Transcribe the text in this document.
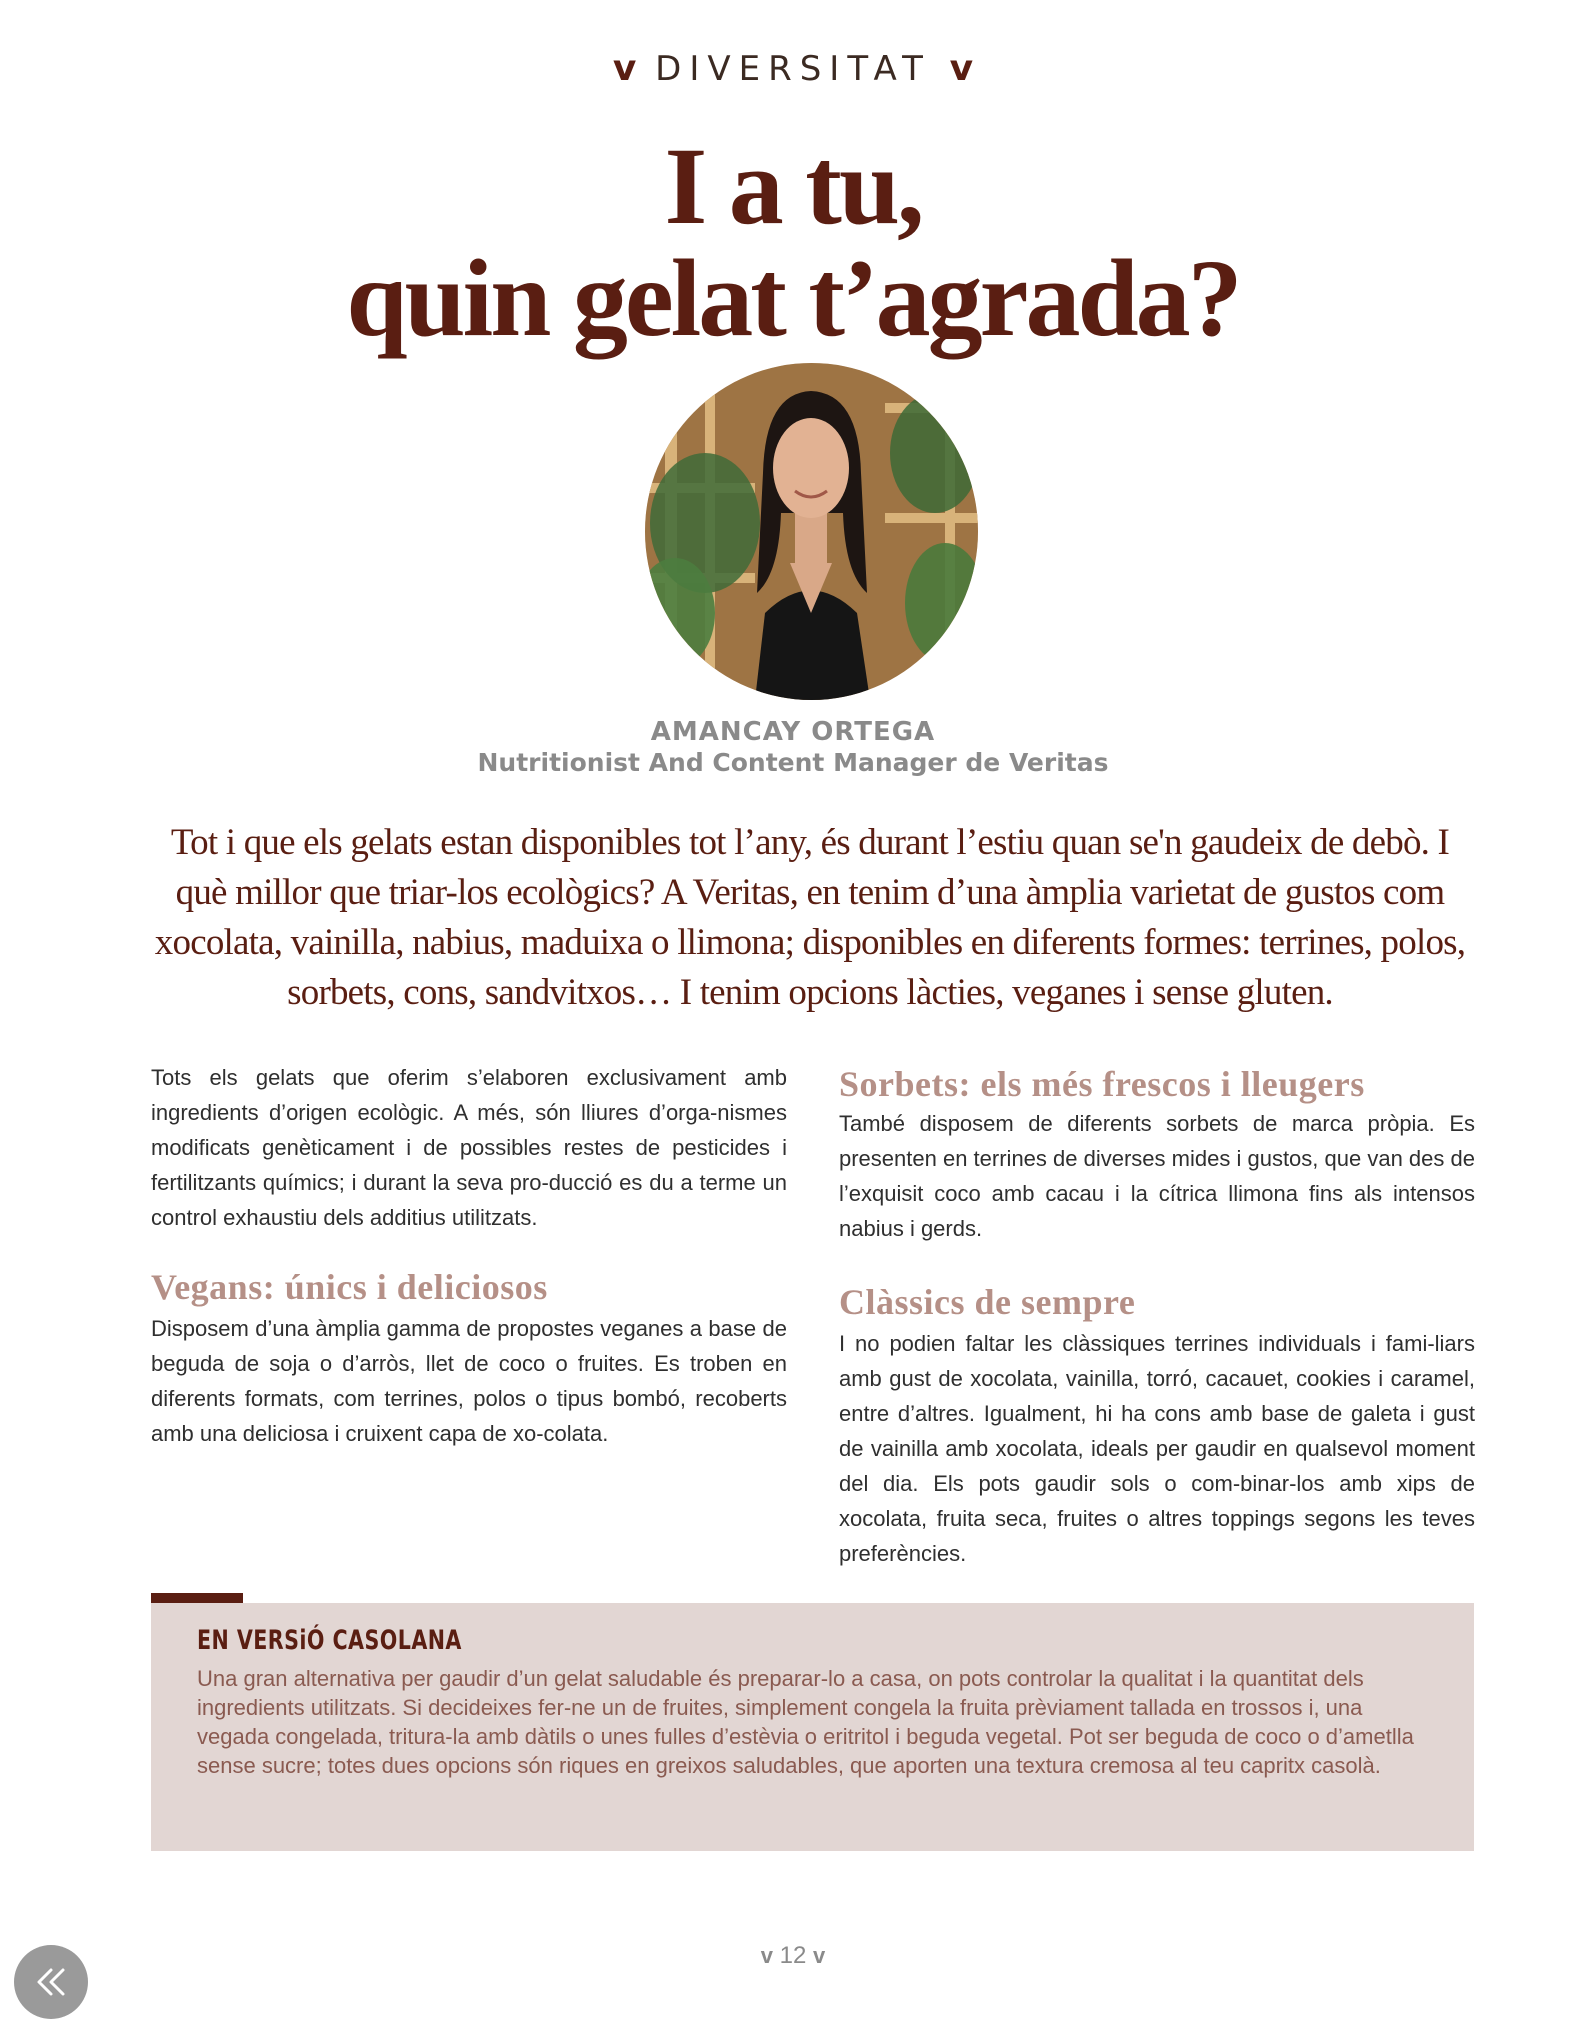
v DIVERSITAT v
I a tu,
quin gelat t’agrada?
AMANCAY ORTEGA
Nutritionist And Content Manager de Veritas

Tot i que els gelats estan disponibles tot l’any, és durant l’estiu quan se'n gaudeix de debò. I què millor que triar-los ecològics? A Veritas, en tenim d’una àmplia varietat de gustos com xocolata, vainilla, nabius, maduixa o llimona; disponibles en diferents formes: terrines, polos, sorbets, cons, sandvitxos… I tenim opcions làcties, veganes i sense gluten.

Tots els gelats que oferim s’elaboren exclusivament amb ingredients d’origen ecològic. A més, són lliures d’orga-nismes modificats genèticament i de possibles restes de pesticides i fertilitzants químics; i durant la seva pro-ducció es du a terme un control exhaustiu dels additius utilitzats.

Vegans: únics i deliciosos

Disposem d’una àmplia gamma de propostes veganes a base de beguda de soja o d’arròs, llet de coco o fruites. Es troben en diferents formats, com terrines, polos o tipus bombó, recoberts amb una deliciosa i cruixent capa de xo-colata.

Sorbets: els més frescos i lleugers

També disposem de diferents sorbets de marca pròpia. Es presenten en terrines de diverses mides i gustos, que van des de l’exquisit coco amb cacau i la cítrica llimona fins als intensos nabius i gerds.

Clàssics de sempre

I no podien faltar les clàssiques terrines individuals i fami-liars amb gust de xocolata, vainilla, torró, cacauet, cookies i caramel, entre d’altres. Igualment, hi ha cons amb base de galeta i gust de vainilla amb xocolata, ideals per gaudir en qualsevol moment del dia. Els pots gaudir sols o com-binar-los amb xips de xocolata, fruita seca, fruites o altres toppings segons les teves preferències.

EN VERSiÓ CASOLANA

Una gran alternativa per gaudir d’un gelat saludable és preparar-lo a casa, on pots controlar la qualitat i la quantitat dels ingredients utilitzats. Si decideixes fer-ne un de fruites, simplement congela la fruita prèviament tallada en trossos i, una vegada congelada, tritura-la amb dàtils o unes fulles d’estèvia o eritritol i beguda vegetal. Pot ser beguda de coco o d’ametlla sense sucre; totes dues opcions són riques en greixos saludables, que aporten una textura cremosa al teu capritx casolà.

v 12 v
